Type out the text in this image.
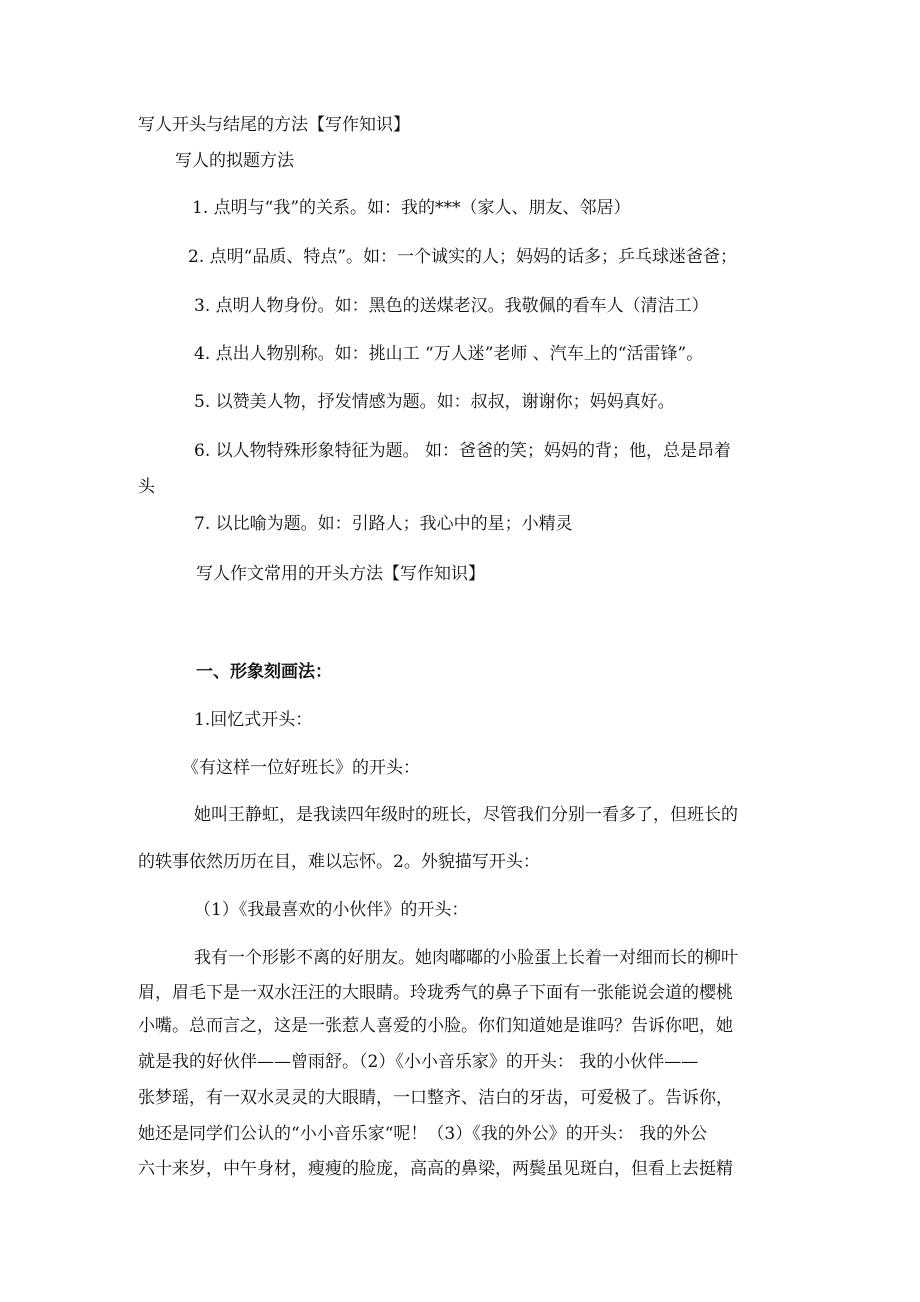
写人开头与结尾的方法【写作知识】
写人的拟题方法
1. 点明与“我”的关系。如：我的***（家人、朋友、邻居）
2. 点明“品质、特点”。如：一个诚实的人；妈妈的话多；乒乓球迷爸爸；
3. 点明人物身份。如：黑色的送煤老汉。我敬佩的看车人（清洁工）
4. 点出人物别称。如：挑山工 “万人迷”老师 、汽车上的“活雷锋”。
5. 以赞美人物，抒发情感为题。如：叔叔，谢谢你；妈妈真好。
6. 以人物特殊形象特征为题。 如：爸爸的笑；妈妈的背；他，总是昂着
头
7. 以比喻为题。如：引路人；我心中的星；小精灵
写人作文常用的开头方法【写作知识】
一、形象刻画法：
1.回忆式开头：
《有这样一位好班长》的开头：
她叫王静虹，是我读四年级时的班长，尽管我们分别一看多了，但班长的
的轶事依然历历在目，难以忘怀。2。外貌描写开头：
（1）《我最喜欢的小伙伴》的开头：
我有一个形影不离的好朋友。她肉嘟嘟的小脸蛋上长着一对细而长的柳叶
眉，眉毛下是一双水汪汪的大眼睛。玲珑秀气的鼻子下面有一张能说会道的樱桃
小嘴。总而言之，这是一张惹人喜爱的小脸。你们知道她是谁吗？告诉你吧，她
就是我的好伙伴——曾雨舒。（2）《小小音乐家》的开头： 我的小伙伴——
张梦瑶，有一双水灵灵的大眼睛，一口整齐、洁白的牙齿，可爱极了。告诉你，
她还是同学们公认的“小小音乐家“呢！（3）《我的外公》的开头： 我的外公
六十来岁，中午身材，瘦瘦的脸庞，高高的鼻梁，两鬓虽见斑白，但看上去挺精
